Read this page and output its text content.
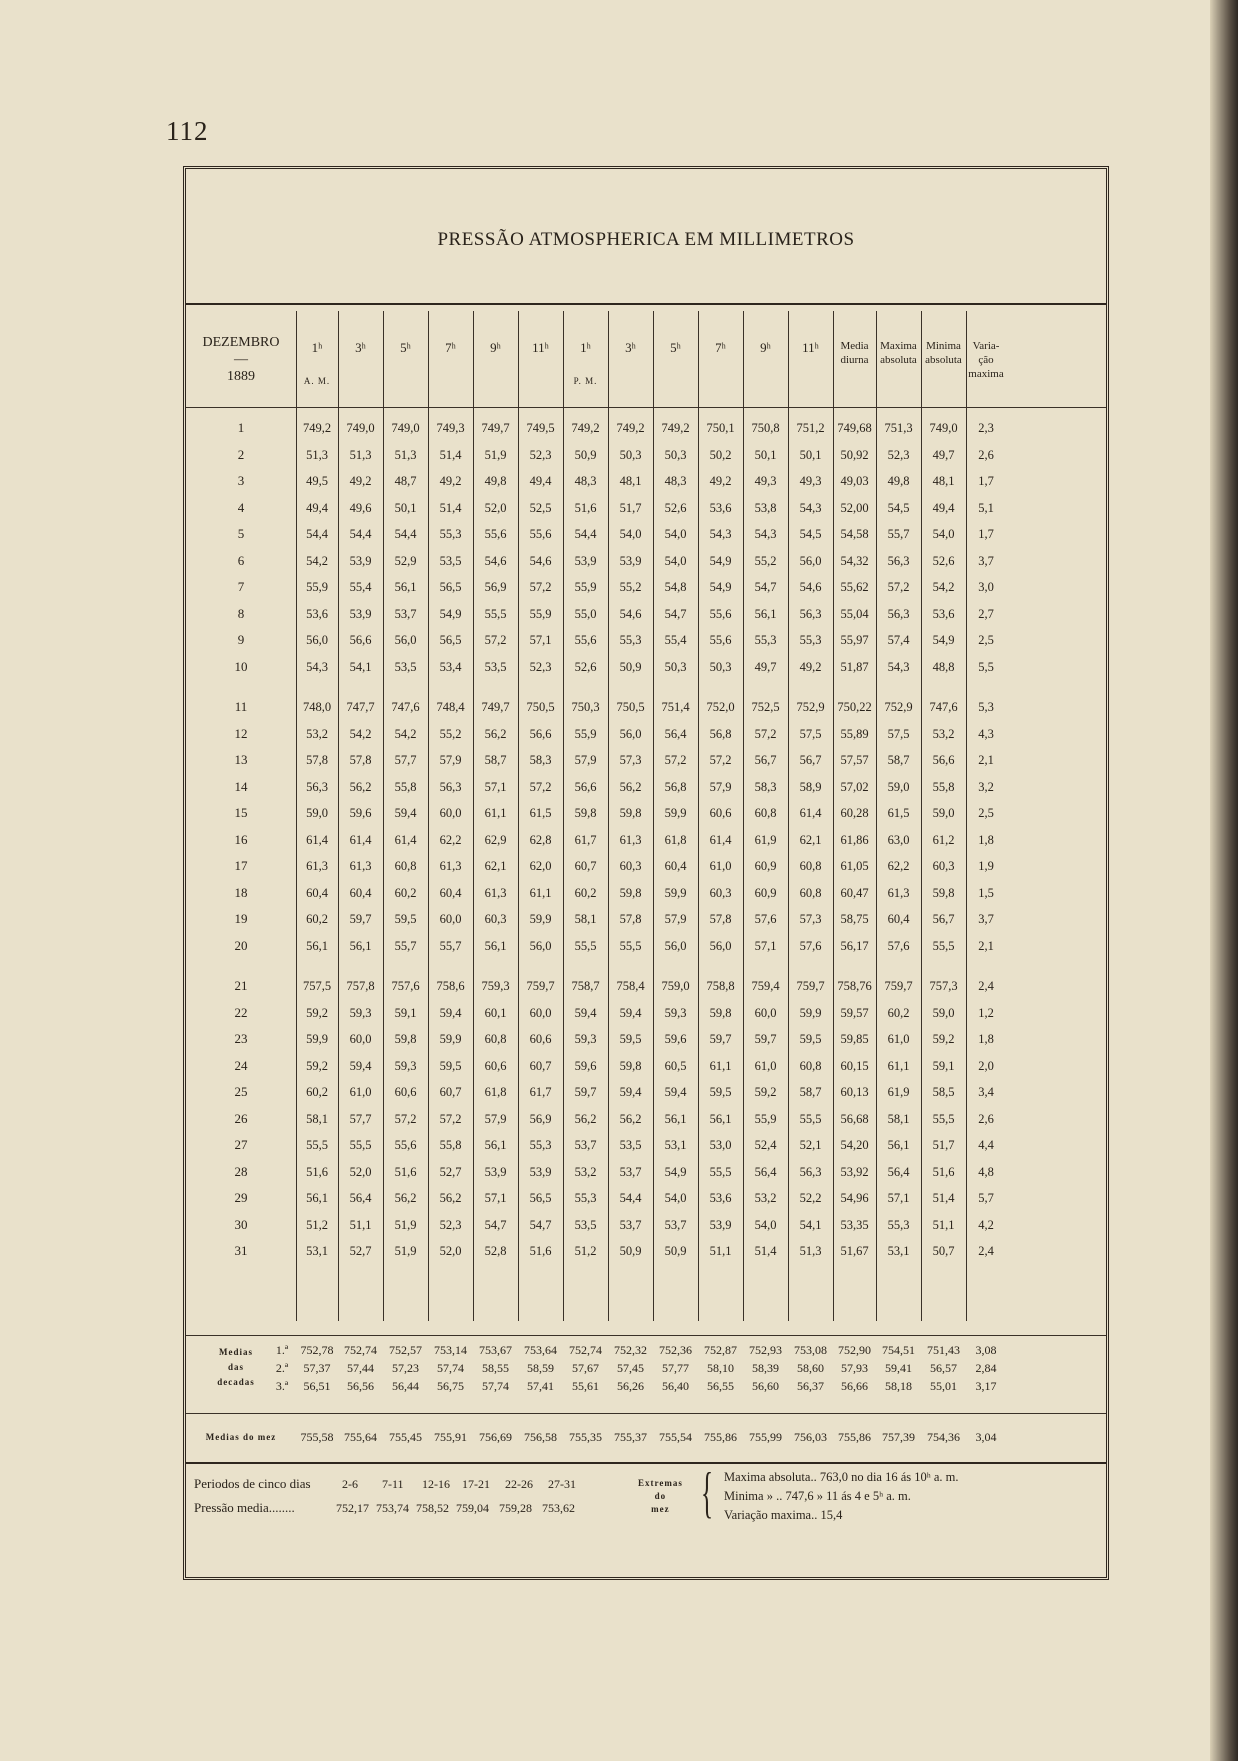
112
PRESSÃO ATMOSPHERICA EM MILLIMETROS
DEZEMBRO
—
1889
1ʰ	3ʰ	5ʰ	7ʰ	9ʰ	11ʰ	1ʰ	3ʰ	5ʰ	7ʰ	9ʰ	11ʰ
A. M.	P. M.
Media diurna
Maxima absoluta
Minima absoluta
Varia-ção maxima
1	749,2	749,0	749,0	749,3	749,7	749,5	749,2	749,2	749,2	750,1	750,8	751,2	749,68	751,3	749,0	2,3
2	51,3	51,3	51,3	51,4	51,9	52,3	50,9	50,3	50,3	50,2	50,1	50,1	50,92	52,3	49,7	2,6
3	49,5	49,2	48,7	49,2	49,8	49,4	48,3	48,1	48,3	49,2	49,3	49,3	49,03	49,8	48,1	1,7
4	49,4	49,6	50,1	51,4	52,0	52,5	51,6	51,7	52,6	53,6	53,8	54,3	52,00	54,5	49,4	5,1
5	54,4	54,4	54,4	55,3	55,6	55,6	54,4	54,0	54,0	54,3	54,3	54,5	54,58	55,7	54,0	1,7
6	54,2	53,9	52,9	53,5	54,6	54,6	53,9	53,9	54,0	54,9	55,2	56,0	54,32	56,3	52,6	3,7
7	55,9	55,4	56,1	56,5	56,9	57,2	55,9	55,2	54,8	54,9	54,7	54,6	55,62	57,2	54,2	3,0
8	53,6	53,9	53,7	54,9	55,5	55,9	55,0	54,6	54,7	55,6	56,1	56,3	55,04	56,3	53,6	2,7
9	56,0	56,6	56,0	56,5	57,2	57,1	55,6	55,3	55,4	55,6	55,3	55,3	55,97	57,4	54,9	2,5
10	54,3	54,1	53,5	53,4	53,5	52,3	52,6	50,9	50,3	50,3	49,7	49,2	51,87	54,3	48,8	5,5
11	748,0	747,7	747,6	748,4	749,7	750,5	750,3	750,5	751,4	752,0	752,5	752,9	750,22	752,9	747,6	5,3
12	53,2	54,2	54,2	55,2	56,2	56,6	55,9	56,0	56,4	56,8	57,2	57,5	55,89	57,5	53,2	4,3
13	57,8	57,8	57,7	57,9	58,7	58,3	57,9	57,3	57,2	57,2	56,7	56,7	57,57	58,7	56,6	2,1
14	56,3	56,2	55,8	56,3	57,1	57,2	56,6	56,2	56,8	57,9	58,3	58,9	57,02	59,0	55,8	3,2
15	59,0	59,6	59,4	60,0	61,1	61,5	59,8	59,8	59,9	60,6	60,8	61,4	60,28	61,5	59,0	2,5
16	61,4	61,4	61,4	62,2	62,9	62,8	61,7	61,3	61,8	61,4	61,9	62,1	61,86	63,0	61,2	1,8
17	61,3	61,3	60,8	61,3	62,1	62,0	60,7	60,3	60,4	61,0	60,9	60,8	61,05	62,2	60,3	1,9
18	60,4	60,4	60,2	60,4	61,3	61,1	60,2	59,8	59,9	60,3	60,9	60,8	60,47	61,3	59,8	1,5
19	60,2	59,7	59,5	60,0	60,3	59,9	58,1	57,8	57,9	57,8	57,6	57,3	58,75	60,4	56,7	3,7
20	56,1	56,1	55,7	55,7	56,1	56,0	55,5	55,5	56,0	56,0	57,1	57,6	56,17	57,6	55,5	2,1
21	757,5	757,8	757,6	758,6	759,3	759,7	758,7	758,4	759,0	758,8	759,4	759,7	758,76	759,7	757,3	2,4
22	59,2	59,3	59,1	59,4	60,1	60,0	59,4	59,4	59,3	59,8	60,0	59,9	59,57	60,2	59,0	1,2
23	59,9	60,0	59,8	59,9	60,8	60,6	59,3	59,5	59,6	59,7	59,7	59,5	59,85	61,0	59,2	1,8
24	59,2	59,4	59,3	59,5	60,6	60,7	59,6	59,8	60,5	61,1	61,0	60,8	60,15	61,1	59,1	2,0
25	60,2	61,0	60,6	60,7	61,8	61,7	59,7	59,4	59,4	59,5	59,2	58,7	60,13	61,9	58,5	3,4
26	58,1	57,7	57,2	57,2	57,9	56,9	56,2	56,2	56,1	56,1	55,9	55,5	56,68	58,1	55,5	2,6
27	55,5	55,5	55,6	55,8	56,1	55,3	53,7	53,5	53,1	53,0	52,4	52,1	54,20	56,1	51,7	4,4
28	51,6	52,0	51,6	52,7	53,9	53,9	53,2	53,7	54,9	55,5	56,4	56,3	53,92	56,4	51,6	4,8
29	56,1	56,4	56,2	56,2	57,1	56,5	55,3	54,4	54,0	53,6	53,2	52,2	54,96	57,1	51,4	5,7
30	51,2	51,1	51,9	52,3	54,7	54,7	53,5	53,7	53,7	53,9	54,0	54,1	53,35	55,3	51,1	4,2
31	53,1	52,7	51,9	52,0	52,8	51,6	51,2	50,9	50,9	51,1	51,4	51,3	51,67	53,1	50,7	2,4
Medias
das
decadas
1.ª	752,78 752,74	752,57	753,14	753,67	753,64	752,74	752,32	752,36	752,87	752,93	753,08 752,90 754,51	751,43	3,08
2.ª	57,37	57,44	57,23	57,74	58,55	58,59	57,67	57,45	57,77	58,10	58,39	58,60	57,93	59,41	56,57	2,84
3.ª	56,51	56,56	56,44	56,75	57,74	57,41	55,61	56,26	56,40	56,55	56,60	56,37	56,66	58,18	55,01	3,17
Medias do mez	755,58 755,64	755,45	755,91	756,69	756,58	755,35	755,37	755,54	755,86	755,99	756,03 755,86 757,39	754,36	3,04
Periodos de cinco dias
Pressão media........
2-6 7-11 12-16 17-21 22-26 27-31
752,17 753,74 758,52 759,04 759,28 753,62
Extremas
do
mez { Maxima absoluta.. 763,0 no dia 16 ás 10ʰ a. m.
Minima » .. 747,6 » 11 ás 4 e 5ʰ a. m.
Variação maxima.. 15,4
